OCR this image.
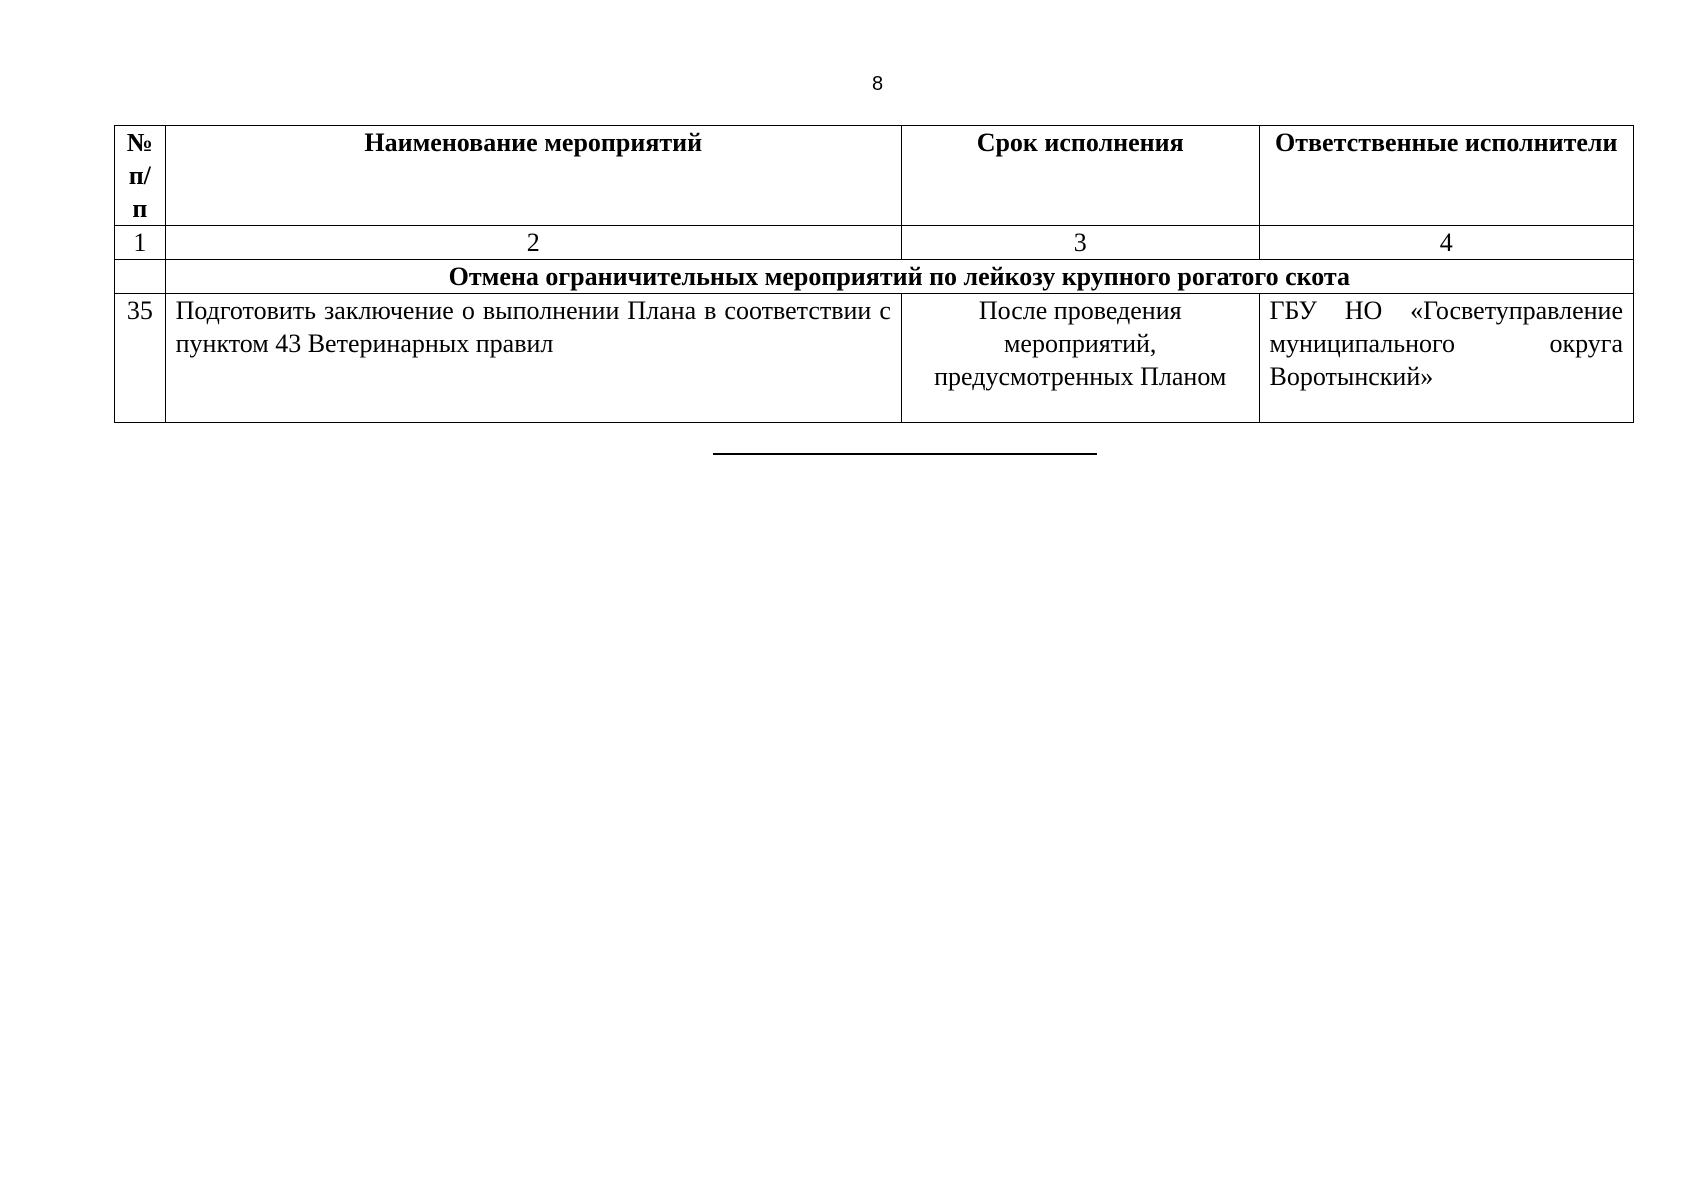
8
№ п/п	Наименование мероприятий	Срок исполнения	Ответственные исполнители
1	2	3	4
	Отмена ограничительных мероприятий по лейкозу крупного рогатого скота		
35	Подготовить заключение о выполнении Плана в соответствии с пунктом 43 Ветеринарных правил	После проведения мероприятий, предусмотренных Планом	ГБУ НО «Госветуправление муниципального округа Воротынский»
